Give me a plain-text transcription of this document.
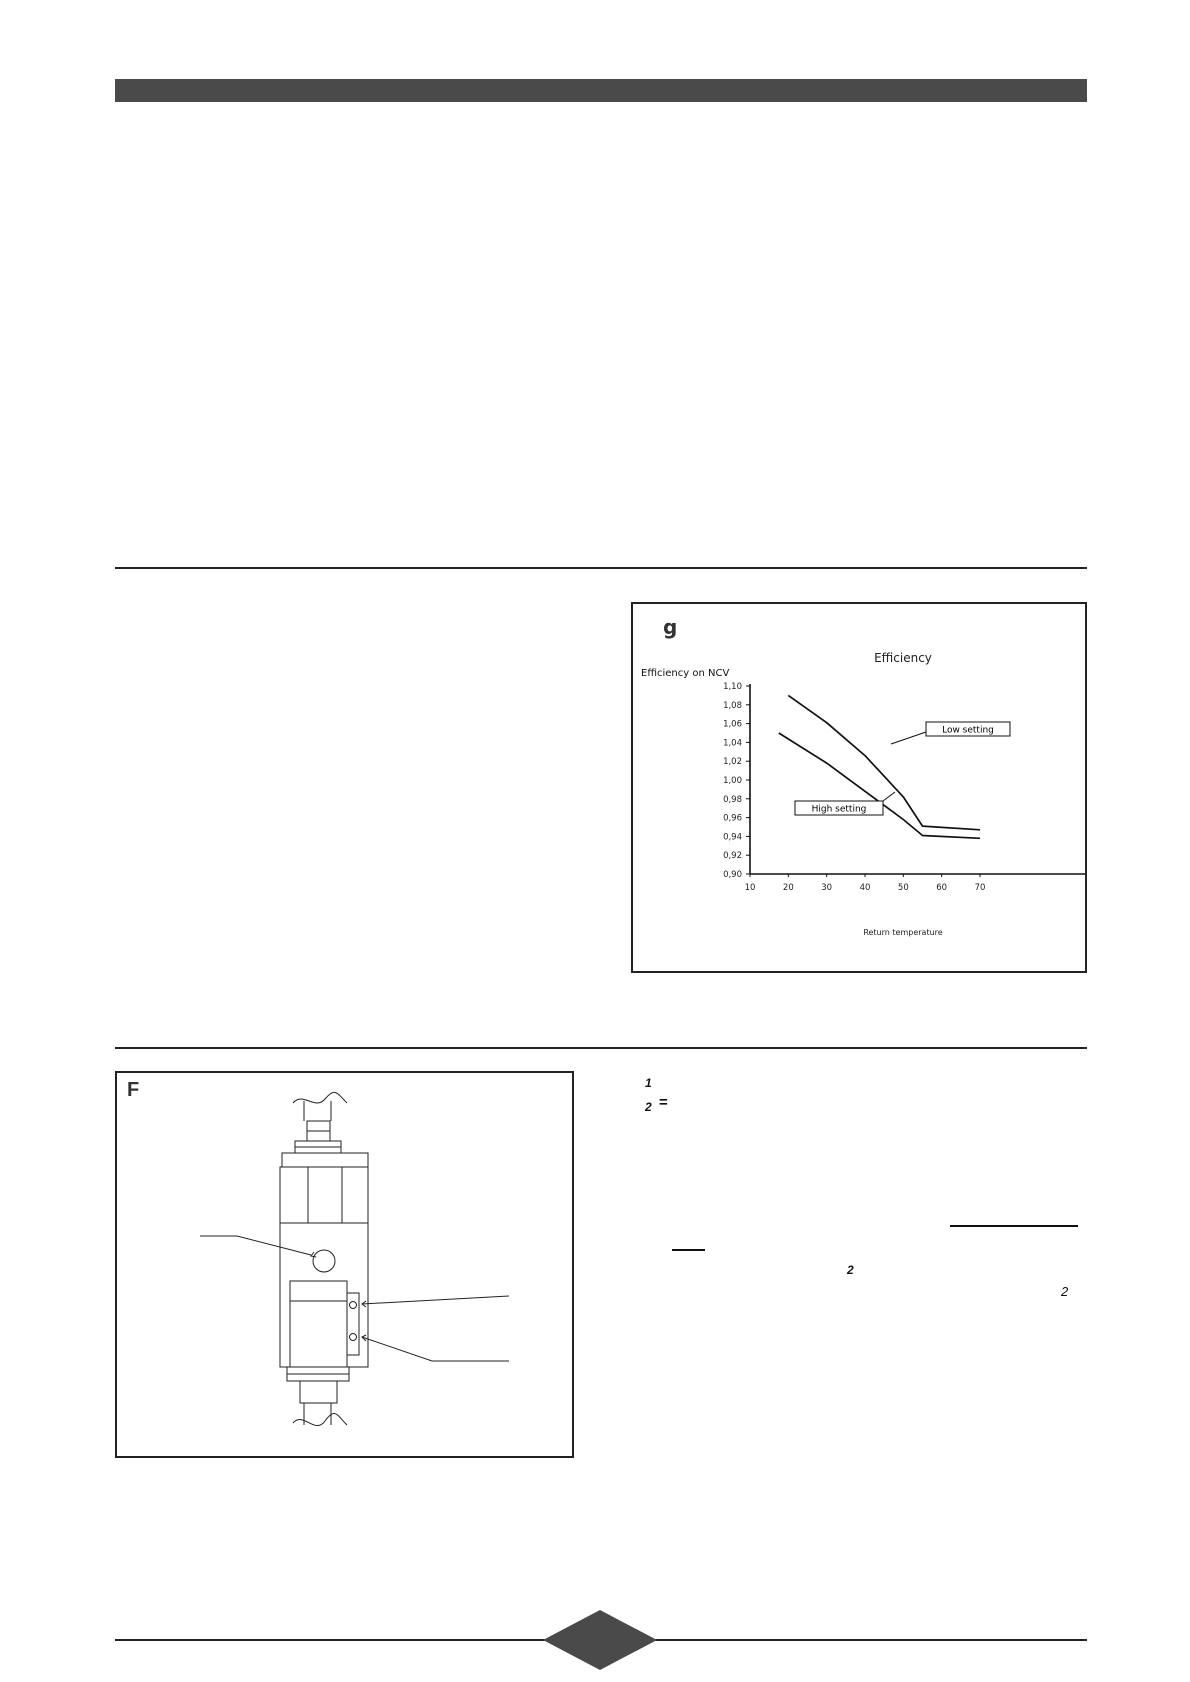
g
Efficiency
Efficiency on NCV
Return temperature
0,90
0,92
0,94
0,96
0,98
1,00
1,02
1,04
1,06
1,08
1,10
10	20	30	40	50	60	70
Low setting
High setting
F	1
2 =
2
2
